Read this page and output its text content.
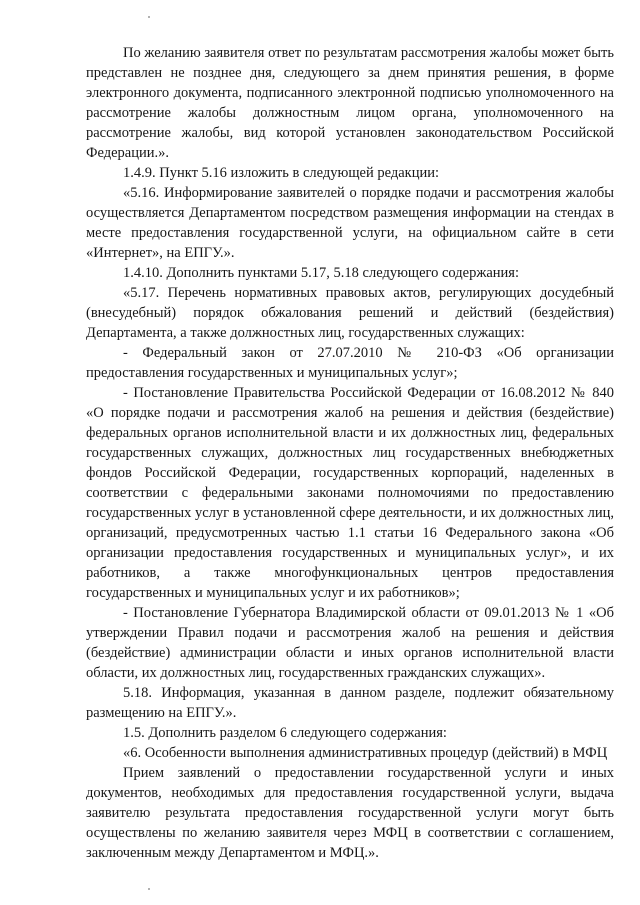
По желанию заявителя ответ по результатам рассмотрения жалобы может быть представлен не позднее дня, следующего за днем принятия решения, в форме электронного документа, подписанного электронной подписью уполномоченного на рассмотрение жалобы должностным лицом органа, уполномоченного на рассмотрение жалобы, вид которой установлен законодательством Российской Федерации.».

1.4.9. Пункт 5.16 изложить в следующей редакции:

«5.16. Информирование заявителей о порядке подачи и рассмотрения жалобы осуществляется Департаментом посредством размещения информации на стендах в месте предоставления государственной услуги, на официальном сайте в сети «Интернет», на ЕПГУ.».

1.4.10. Дополнить пунктами 5.17, 5.18 следующего содержания:

«5.17. Перечень нормативных правовых актов, регулирующих досудебный (внесудебный) порядок обжалования решений и действий (бездействия) Департамента, а также должностных лиц, государственных служащих:

- Федеральный закон от 27.07.2010 № 210-ФЗ «Об организации предоставления государственных и муниципальных услуг»;

- Постановление Правительства Российской Федерации от 16.08.2012 № 840 «О порядке подачи и рассмотрения жалоб на решения и действия (бездействие) федеральных органов исполнительной власти и их должностных лиц, федеральных государственных служащих, должностных лиц государственных внебюджетных фондов Российской Федерации, государственных корпораций, наделенных в соответствии с федеральными законами полномочиями по предоставлению государственных услуг в установленной сфере деятельности, и их должностных лиц, организаций, предусмотренных частью 1.1 статьи 16 Федерального закона «Об организации предоставления государственных и муниципальных услуг», и их работников, а также многофункциональных центров предоставления государственных и муниципальных услуг и их работников»;

- Постановление Губернатора Владимирской области от 09.01.2013 № 1 «Об утверждении Правил подачи и рассмотрения жалоб на решения и действия (бездействие) администрации области и иных органов исполнительной власти области, их должностных лиц, государственных гражданских служащих».

5.18. Информация, указанная в данном разделе, подлежит обязательному размещению на ЕПГУ.».

1.5. Дополнить разделом 6 следующего содержания:

«6. Особенности выполнения административных процедур (действий) в МФЦ

Прием заявлений о предоставлении государственной услуги и иных документов, необходимых для предоставления государственной услуги, выдача заявителю результата предоставления государственной услуги могут быть осуществлены по желанию заявителя через МФЦ в соответствии с соглашением, заключенным между Департаментом и МФЦ.».
